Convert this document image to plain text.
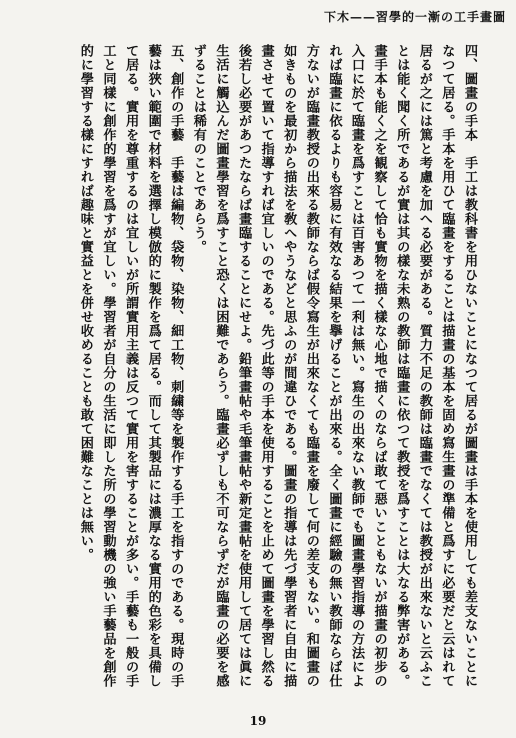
圖畫手工の漸一的學習——木下

四、圖畫の手本　手工は教科書を用ひないことになつて居るが圖畫は手本を使用しても差支ないことになつて居る。手本を用ひて臨畫をすることは描畫の基本を固め寫生畫の準備と爲すに必要だと云はれて居るが之には篤と考慮を加へる必要がある。質力不足の教師は臨畫でなくては教授が出來ないと云ふことは能く聞く所であるが實は其の樣な未熟の教師は臨畫に依つて教授を爲すことは大なる弊害がある。畫手本も能く之を観察して恰も實物を描く樣な心地で描くのならば敢て惡いこともないが描畫の初步の入口に於て臨畫を爲すことは百害あつて一利は無い。寫生の出來ない教師でも圖畫學習指導の方法によれば臨畫に依るよりも容易に有效なる結果を擧げることが出來る。全く圖畫に經驗の無い教師ならば仕方ないが臨畫教授の出來る教師ならば假令寫生が出來なくても臨畫を廢して何の差支もない。和圖畫の如きものを最初から描法を敎へやうなどと思ふのが間違ひである。圖畫の指導は先づ學習者に自由に描畫させて置いて指導すれば宜しいのである。先づ此等の手本を使用することを止めて圖畫を學習し然る後若し必要があつたならば畫臨することにせよ。鉛筆畫帖や毛筆畫帖や新定畫帖を使用して居ては眞に生活に觸込んだ圖畫學習を爲すこと恐くは困難であらう。臨畫必ずしも不可ならずだが臨畫の必要を感ずることは稀有のことであらう。

五、創作の手藝　手藝は編物、袋物、染物、細工物、刺繍等を製作する手工を指すのである。現時の手藝は狹い範圍で材料を選擇し模倣的に製作を爲て居る。而して其製品には濃厚なる實用的色彩を具備して居る。實用を尊重するのは宜しいが所謂實用主義は反つて實用を害することが多い。手藝も一般の手工と同樣に創作的學習を爲すが宜しい。學習者が自分の生活に即した所の學習動機の強い手藝品を創作的に學習する樣にすれば趣味と實益とを併せ收めることも敢て困難なことは無い。

19
